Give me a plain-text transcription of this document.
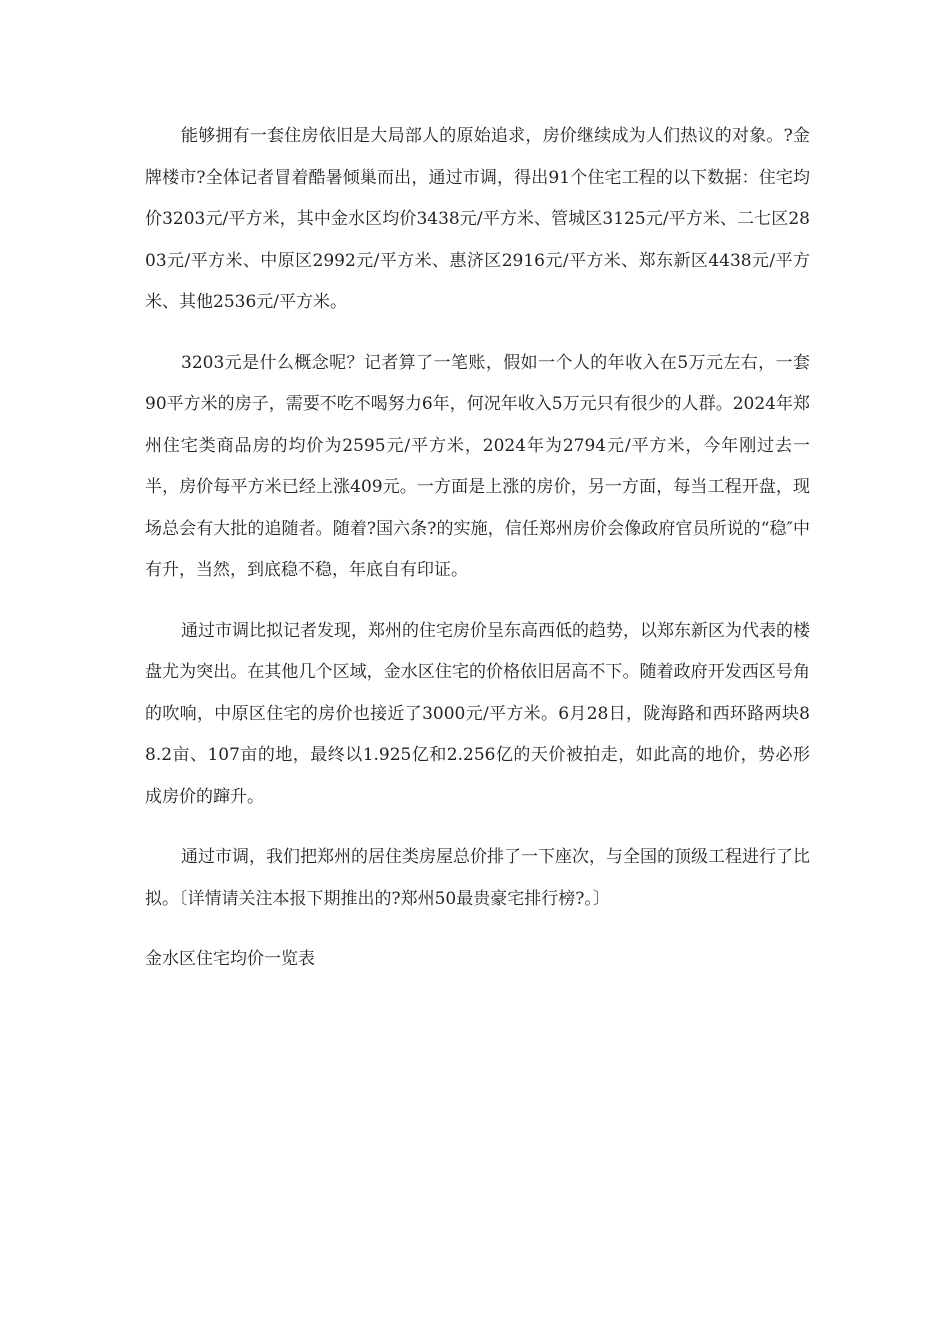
能够拥有一套住房依旧是大局部人的原始追求，房价继续成为人们热议的对象。?金牌楼市?全体记者冒着酷暑倾巢而出，通过市调，得出91个住宅工程的以下数据：住宅均价3203元/平方米，其中金水区均价3438元/平方米、管城区3125元/平方米、二七区2803元/平方米、中原区2992元/平方米、惠济区2916元/平方米、郑东新区4438元/平方米、其他2536元/平方米。

3203元是什么概念呢？记者算了一笔账，假如一个人的年收入在5万元左右，一套 90平方米的房子，需要不吃不喝努力6年，何况年收入5万元只有很少的人群。2024年郑州住宅类商品房的均价为2595元/平方米，2024年为2794元/平方米，今年刚过去一半，房价每平方米已经上涨409元。一方面是上涨的房价，另一方面，每当工程开盘，现场总会有大批的追随者。随着?国六条?的实施，信任郑州房价会像政府官员所说的“稳″中有升，当然，到底稳不稳，年底自有印证。

通过市调比拟记者发现，郑州的住宅房价呈东高西低的趋势，以郑东新区为代表的楼盘尤为突出。在其他几个区域，金水区住宅的价格依旧居高不下。随着政府开发西区号角的吹响，中原区住宅的房价也接近了3000元/平方米。6月28日，陇海路和西环路两块88.2亩、107亩的地，最终以1.925亿和2.256亿的天价被拍走，如此高的地价，势必形成房价的蹿升。

通过市调，我们把郑州的居住类房屋总价排了一下座次，与全国的顶级工程进行了比拟。〔详情请关注本报下期推出的?郑州50最贵豪宅排行榜?。〕

金水区住宅均价一览表
